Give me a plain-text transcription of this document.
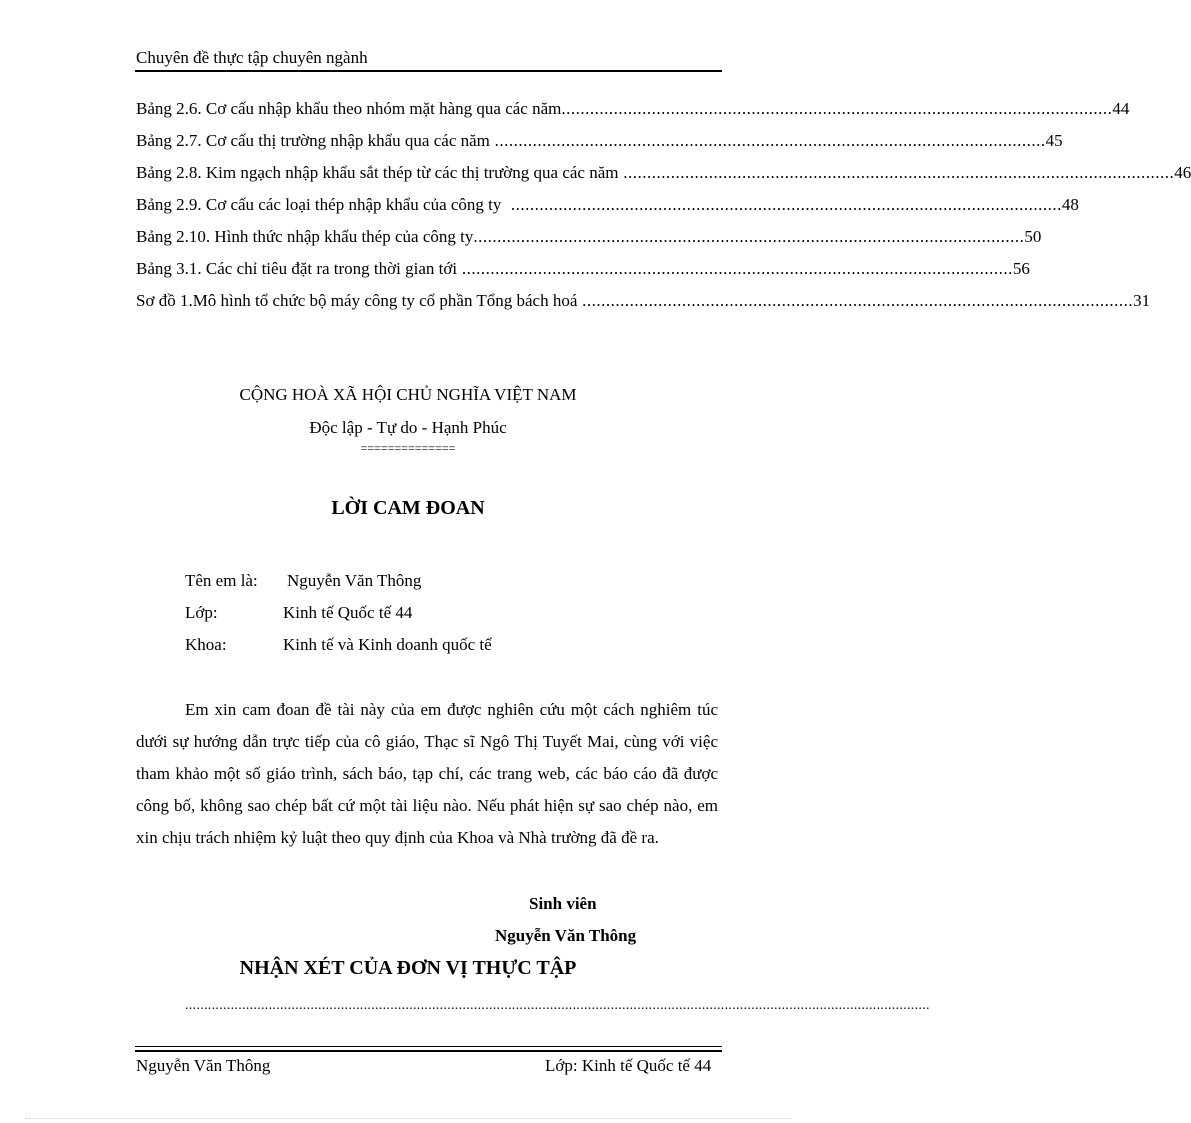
Chuyên đề thực tập chuyên ngành
Bảng 2.6. Cơ cấu nhập khẩu theo nhóm mặt hàng qua các năm .................................................................................................................... 44
Bảng 2.7. Cơ cấu thị trường nhập khẩu qua các năm .................................................................................................................... 45
Bảng 2.8. Kim ngạch nhập khẩu sắt thép từ các thị trường qua các năm .................................................................................................................... 46
Bảng 2.9. Cơ cấu các loại thép nhập khẩu của công ty .................................................................................................................... 48
Bảng 2.10. Hình thức nhập khẩu thép của công ty .................................................................................................................... 50
Bảng 3.1. Các chỉ tiêu đặt ra trong thời gian tới .................................................................................................................... 56
Sơ đồ 1.Mô hình tổ chức bộ máy công ty cổ phần Tổng bách hoá .................................................................................................................... 31
CỘNG HOÀ XÃ HỘI CHỦ NGHĨA VIỆT NAM
Độc lập - Tự do - Hạnh Phúc
==============
LỜI CAM ĐOAN
Tên em là: Nguyễn Văn Thông
Lớp:	Kinh tế Quốc tế 44
Khoa:	Kinh tế và Kinh doanh quốc tế

Em xin cam đoan đề tài này của em được nghiên cứu một cách nghiêm túc dưới sự hướng dẫn trực tiếp của cô giáo, Thạc sĩ Ngô Thị Tuyết Mai, cùng với việc tham khảo một số giáo trình, sách báo, tạp chí, các trang web, các báo cáo đã được công bố, không sao chép bất cứ một tài liệu nào. Nếu phát hiện sự sao chép nào, em xin chịu trách nhiệm kỷ luật theo quy định của Khoa và Nhà trường đã đề ra.

Sinh viên
Nguyễn Văn Thông
NHẬN XÉT CỦA ĐƠN VỊ THỰC TẬP
....................................................................................................................................................................................................
Nguyễn Văn Thông	Lớp: Kinh tế Quốc tế 44
